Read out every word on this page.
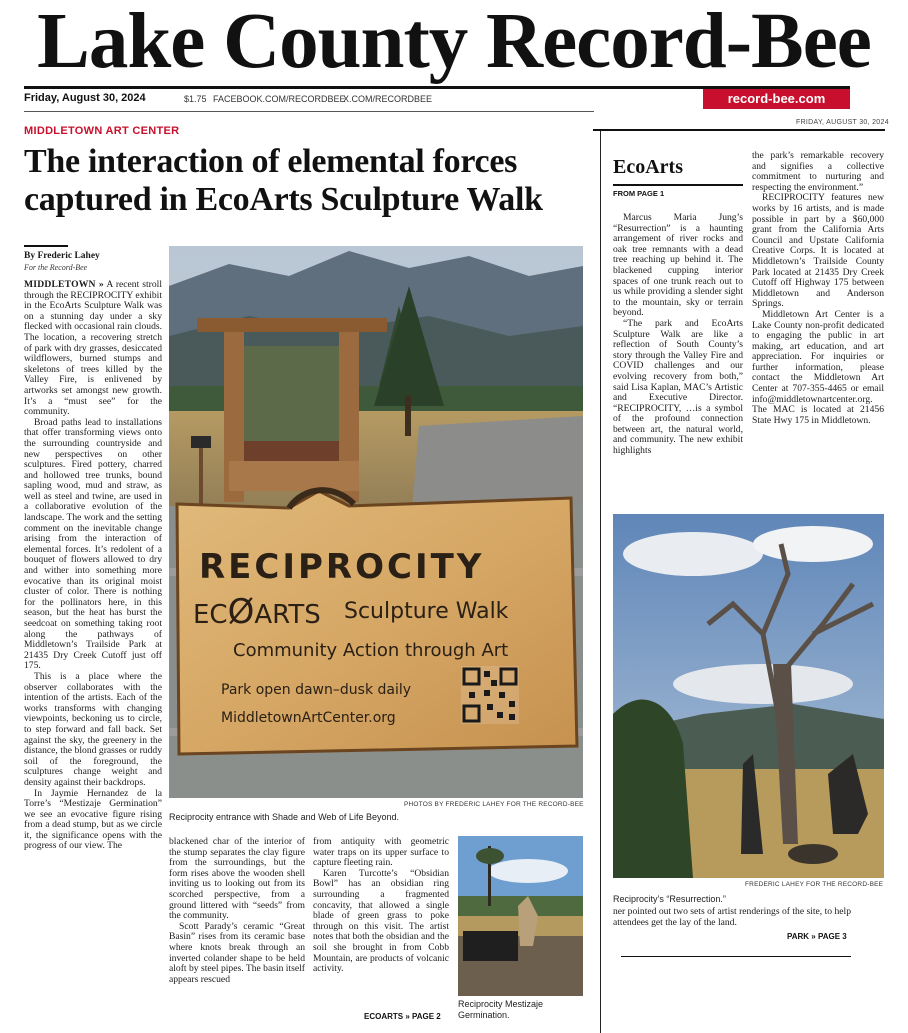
Lake County Record-Bee
Friday, August 30, 2024	$1.75 FACEBOOK.COM/RECORDBEE
X.COM/RECORDBEE	record-bee.com
FRIDAY, AUGUST 30, 2024
MIDDLETOWN ART CENTER
The interaction of elemental forces captured in EcoArts Sculpture Walk
By Frederic Lahey
For the Record-Bee
RECIPROCITY
ECØARTS Sculpture Walk
Community Action through Art
Park open dawn–dusk daily
MiddletownArtCenter.org
PHOTOS BY FREDERIC LAHEY FOR THE RECORD-BEE
Reciprocity entrance with Shade and Web of Life Beyond.

MIDDLETOWN » A recent stroll through the RECIPROCITY exhibit in the EcoArts Sculpture Walk was on a stunning day under a sky flecked with occasional rain clouds. The location, a recovering stretch of park with dry grasses, desiccated wildflowers, burned stumps and skeletons of trees killed by the Valley Fire, is enlivened by artworks set amongst new growth. It’s a “must see” for the community.

Broad paths lead to installations that offer transforming views onto the surrounding countryside and new perspectives on other sculptures. Fired pottery, charred and hollowed tree trunks, bound sapling wood, mud and straw, as well as steel and twine, are used in a collaborative evolution of the landscape. The work and the setting comment on the inevitable change arising from the interaction of elemental forces. It’s redolent of a bouquet of flowers allowed to dry and wither into something more evocative than its original moist cluster of color. There is nothing for the pollinators here, in this season, but the heat has burst the seedcoat on something taking root along the pathways of Middletown’s Trailside Park at 21435 Dry Creek Cutoff just off 175.

This is a place where the observer collaborates with the intention of the artists. Each of the works transforms with changing viewpoints, beckoning us to circle, to step forward and fall back. Set against the sky, the greenery in the distance, the blond grasses or ruddy soil of the foreground, the sculptures change weight and density against their backdrops.

In Jaymie Hernandez de la Torre’s “Mestizaje Germination” we see an evocative figure rising from a dead stump, but as we circle it, the significance opens with the progress of our view. The	blackened char of the interior of the stump separates the clay figure from the surroundings, but the form rises above the wooden shell inviting us to looking out from its scorched perspective, from a ground littered with “seeds” from the community.

Scott Parady’s ceramic “Great Basin” rises from its ceramic base where knots break through an inverted colander shape to be held aloft by steel pipes. The basin itself appears rescued

from antiquity with geometric water traps on its upper surface to capture fleeting rain.

Karen Turcotte’s “Obsidian Bowl” has an obsidian ring surrounding a fragmented concavity, that allowed a single blade of green grass to poke through on this visit. The artist notes that both the obsidian and the soil she brought in from Cobb Mountain, are products of volcanic activity.

ECOARTS » PAGE 2
Reciprocity Mestizaje Germination.
EcoArts
FROM PAGE 1

Marcus Maria Jung’s “Resurrection” is a haunting arrangement of river rocks and oak tree remnants with a dead tree reaching up behind it. The blackened cupping interior spaces of one trunk reach out to us while providing a slender sight to the mountain, sky or terrain beyond.

“The park and EcoArts Sculpture Walk are like a reflection of South County’s story through the Valley Fire and COVID challenges and our evolving recovery from both,” said Lisa Kaplan, MAC’s Artistic and Executive Director. “RECIPROCITY, …is a symbol of the profound connection between art, the natural world, and community. The new exhibit highlights

the park’s remarkable recovery and signifies a collective commitment to nurturing and respecting the environment.”

RECIPROCITY features new works by 16 artists, and is made possible in part by a $60,000 grant from the California Arts Council and Upstate California Creative Corps. It is located at Middletown’s Trailside County Park located at 21435 Dry Creek Cutoff off Highway 175 between Middletown and Anderson Springs.

Middletown Art Center is a Lake County non-profit dedicated to engaging the public in art making, art education, and art appreciation. For inquiries or further information, please contact the Middletown Art Center at 707-355-4465 or email info@middletownartcenter.org. The MAC is located at 21456 State Hwy 175 in Middletown.

FREDERIC LAHEY FOR THE RECORD-BEE
Reciprocity’s “Resurrection.”

ner pointed out two sets of artist renderings of the site, to help attendees get the lay of the land.

PARK » PAGE 3
